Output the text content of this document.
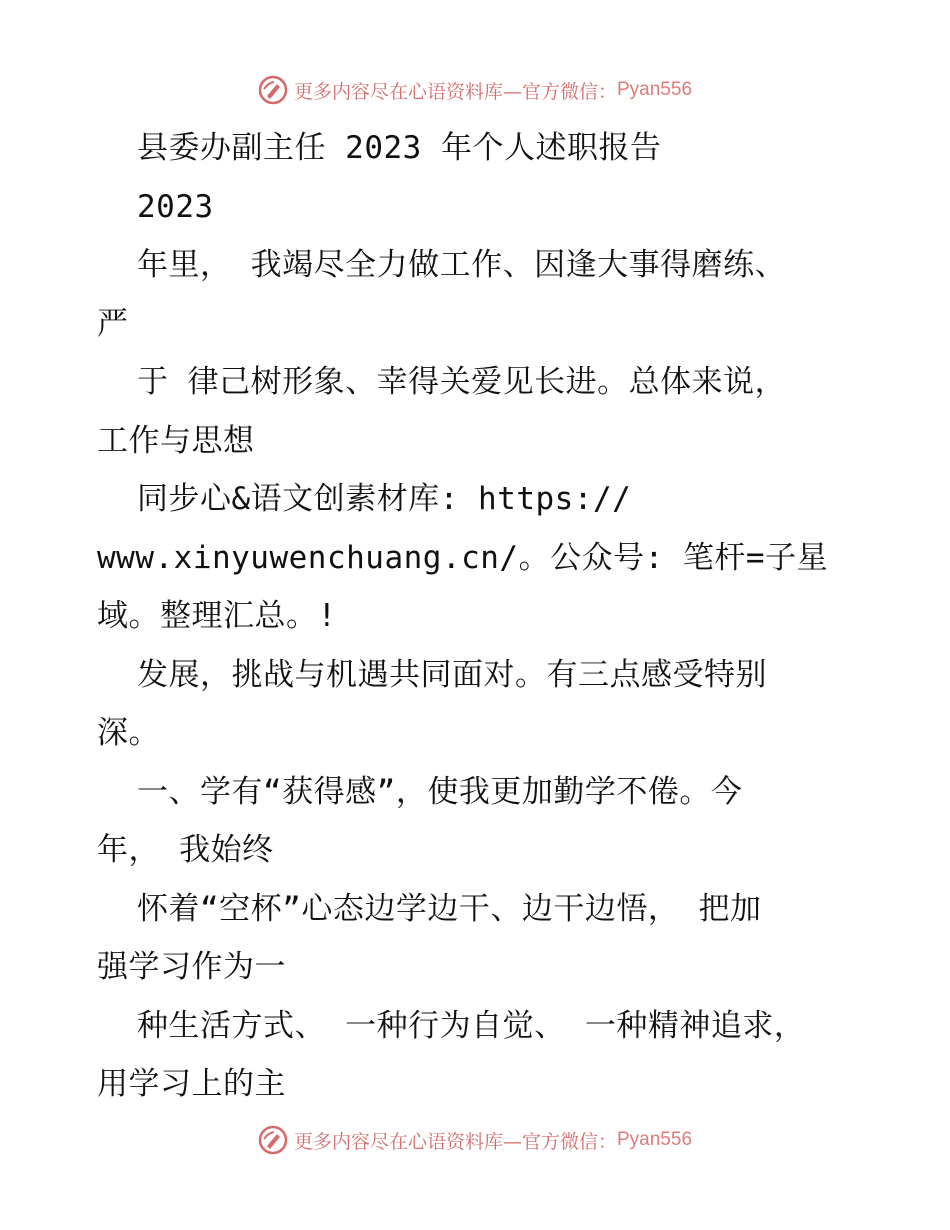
更多内容尽在心语资料库—官方微信： Pyan556
县委办副主任 2023 年个人述职报告
2023
年里， 我竭尽全力做工作、因逢大事得磨练、
严
于 律己树形象、幸得关爱见长进。总体来说，
工作与思想
同步心&语文创素材库: https://
www.xinyuwenchuang.cn/。公众号: 笔杆=子星
域。整理汇总。!
发展，挑战与机遇共同面对。有三点感受特别
深。
一、学有“获得感”，使我更加勤学不倦。今
年， 我始终
怀着“空杯”心态边学边干、边干边悟， 把加
强学习作为一
种生活方式、 一种行为自觉、 一种精神追求，
用学习上的主
更多内容尽在心语资料库—官方微信： Pyan556
